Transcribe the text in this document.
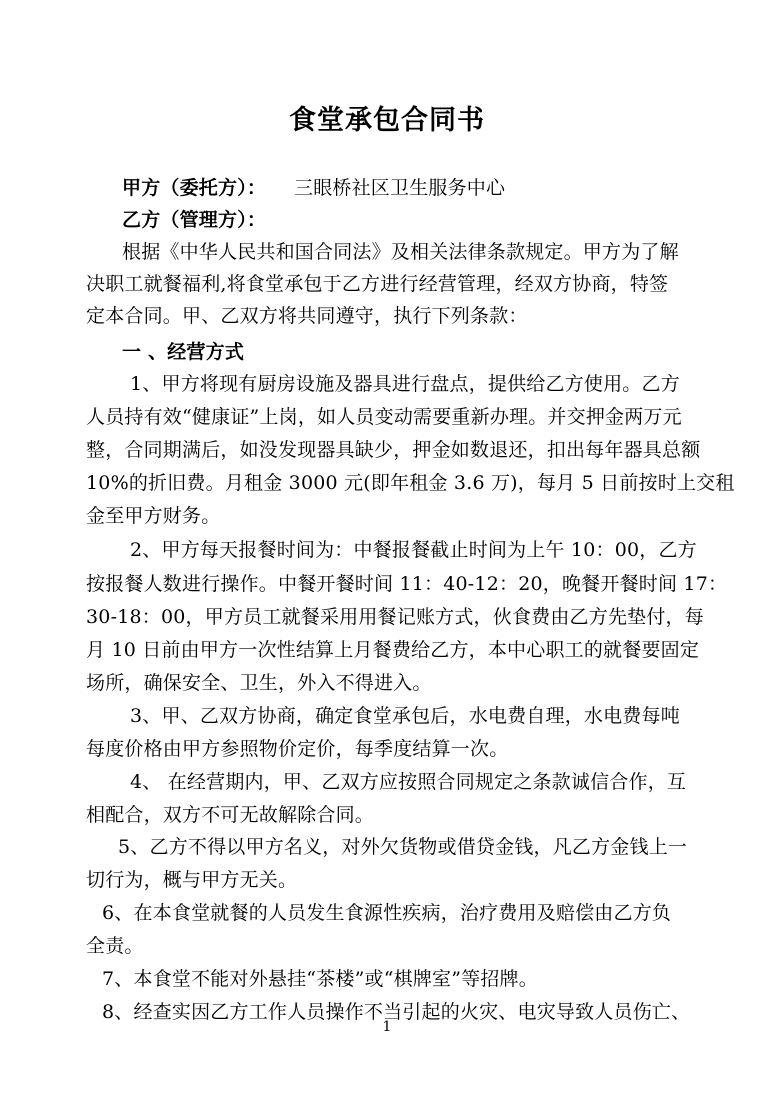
食堂承包合同书
甲方（委托方）： 三眼桥社区卫生服务中心
乙方（管理方）：
根据《中华人民共和国合同法》及相关法律条款规定。甲方为了解
决职工就餐福利,将食堂承包于乙方进行经营管理，经双方协商，特签
定本合同。甲、乙双方将共同遵守，执行下列条款：
一 、经营方式
1、甲方将现有厨房设施及器具进行盘点，提供给乙方使用。乙方
人员持有效“健康证”上岗，如人员变动需要重新办理。并交押金两万元
整，合同期满后，如没发现器具缺少，押金如数退还，扣出每年器具总额
10%的折旧费。月租金 3000 元(即年租金 3.6 万)，每月 5 日前按时上交租
金至甲方财务。
2、甲方每天报餐时间为：中餐报餐截止时间为上午 10：00，乙方
按报餐人数进行操作。中餐开餐时间 11：40-12：20，晚餐开餐时间 17：
30-18：00，甲方员工就餐采用用餐记账方式，伙食费由乙方先垫付，每
月 10 日前由甲方一次性结算上月餐费给乙方，本中心职工的就餐要固定
场所，确保安全、卫生，外入不得进入。
3、甲、乙双方协商，确定食堂承包后，水电费自理，水电费每吨
每度价格由甲方参照物价定价，每季度结算一次。
4、 在经营期内，甲、乙双方应按照合同规定之条款诚信合作，互
相配合，双方不可无故解除合同。
5、乙方不得以甲方名义，对外欠货物或借贷金钱，凡乙方金钱上一
切行为，概与甲方无关。
6、在本食堂就餐的人员发生食源性疾病，治疗费用及赔偿由乙方负
全责。
7、本食堂不能对外悬挂“茶楼”或“棋牌室”等招牌。
8、经查实因乙方工作人员操作不当引起的火灾、电灾导致人员伤亡、
1
